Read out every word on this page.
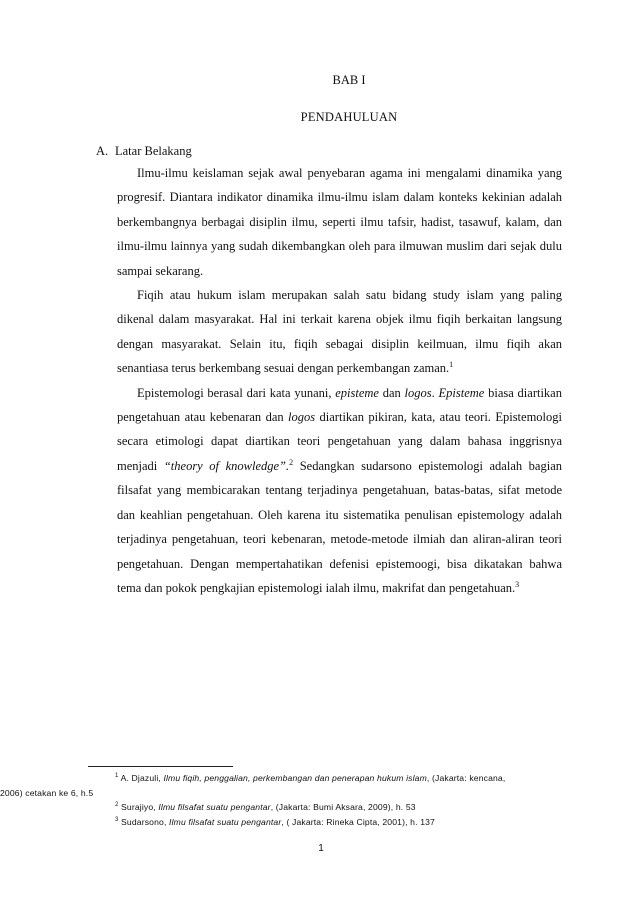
BAB I
PENDAHULUAN
A. Latar Belakang

Ilmu-ilmu keislaman sejak awal penyebaran agama ini mengalami dinamika yang progresif. Diantara indikator dinamika ilmu-ilmu islam dalam konteks kekinian adalah berkembangnya berbagai disiplin ilmu, seperti ilmu tafsir, hadist, tasawuf, kalam, dan ilmu-ilmu lainnya yang sudah dikembangkan oleh para ilmuwan muslim dari sejak dulu sampai sekarang.

Fiqih atau hukum islam merupakan salah satu bidang study islam yang paling dikenal dalam masyarakat. Hal ini terkait karena objek ilmu fiqih berkaitan langsung dengan masyarakat. Selain itu, fiqih sebagai disiplin keilmuan, ilmu fiqih akan senantiasa terus berkembang sesuai dengan perkembangan zaman.$^1$

Epistemologi berasal dari kata yunani, episteme dan logos. Episteme biasa diartikan pengetahuan atau kebenaran dan logos diartikan pikiran, kata, atau teori. Epistemologi secara etimologi dapat diartikan teori pengetahuan yang dalam bahasa inggrisnya menjadi “theory of knowledge”.$^2$ Sedangkan sudarsono epistemologi adalah bagian filsafat yang membicarakan tentang terjadinya pengetahuan, batas-batas, sifat metode dan keahlian pengetahuan. Oleh karena itu sistematika penulisan epistemology adalah terjadinya pengetahuan, teori kebenaran, metode-metode ilmiah dan aliran-aliran teori pengetahuan. Dengan mempertahatikan defenisi epistemoogi, bisa dikatakan bahwa tema dan pokok pengkajian epistemologi ialah ilmu, makrifat dan pengetahuan.$^3$

$^1$ A. Djazuli, Ilmu fiqih, penggalian, perkembangan dan penerapan hukum islam, (Jakarta: kencana,
2006) cetakan ke 6, h.5

$^2$ Surajiyo, Ilmu filsafat suatu pengantar, (Jakarta: Bumi Aksara, 2009), h. 53

$^3$ Sudarsono, Ilmu filsafat suatu pengantar, ( Jakarta: Rineka Cipta, 2001), h. 137

1
